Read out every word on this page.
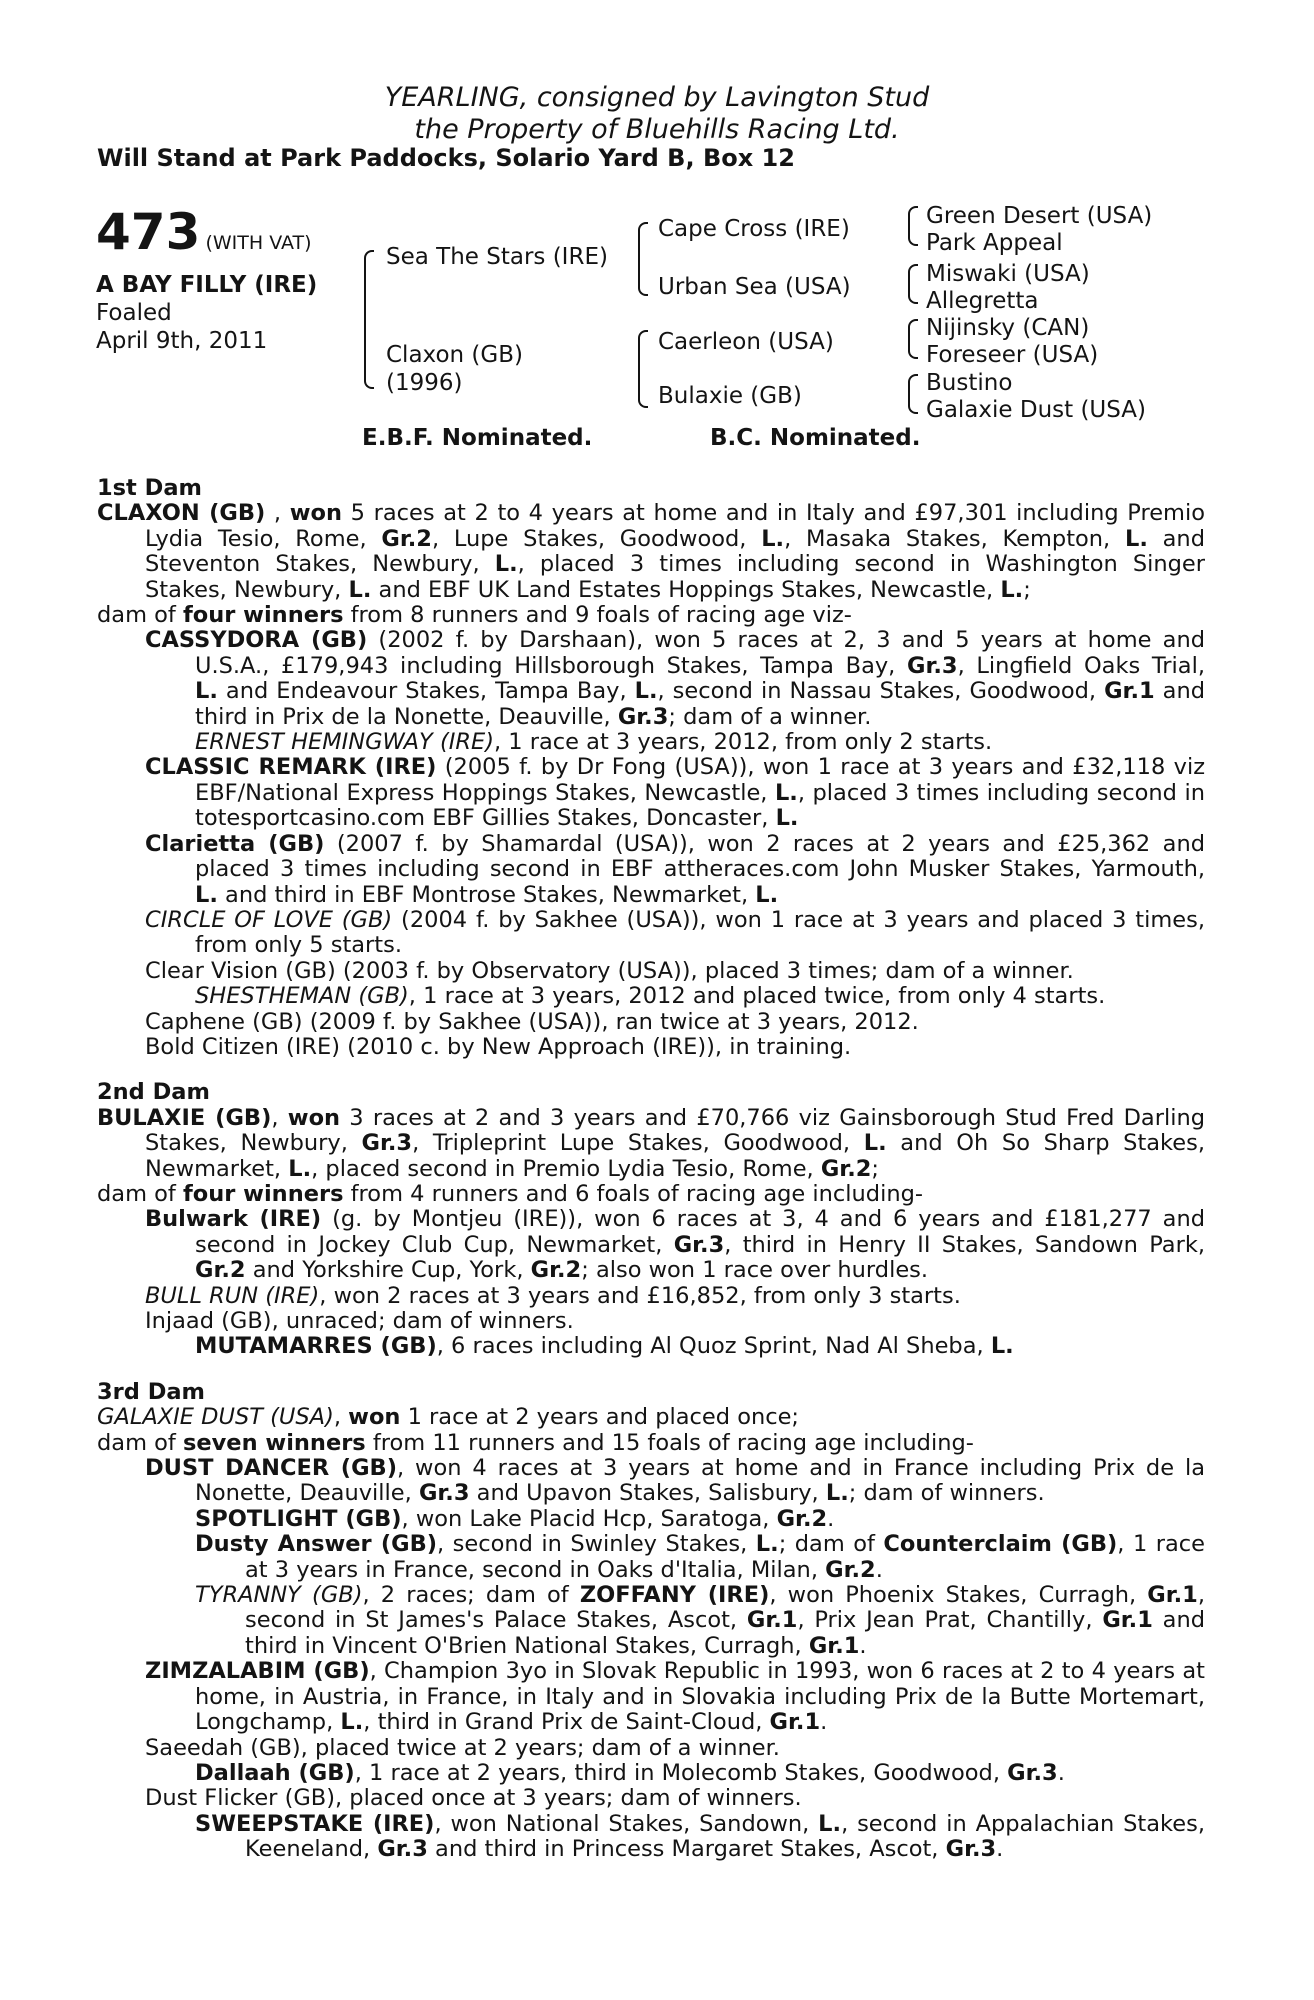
YEARLING, consigned by Lavington Stud
the Property of Bluehills Racing Ltd.
Will Stand at Park Paddocks, Solario Yard B, Box 12
473 (WITH VAT)
A BAY FILLY (IRE)
Foaled
April 9th, 2011
Sea The Stars (IRE)
Claxon (GB)
(1996)
Cape Cross (IRE)
Urban Sea (USA)
Caerleon (USA)
Bulaxie (GB)
Green Desert (USA)
Park Appeal
Miswaki (USA)
Allegretta
Nijinsky (CAN)
Foreseer (USA)
Bustino
Galaxie Dust (USA)
E.B.F. Nominated.	B.C. Nominated.
1st Dam
CLAXON (GB) , won 5 races at 2 to 4 years at home and in Italy and £97,301 including Premio Lydia Tesio, Rome, Gr.2, Lupe Stakes, Goodwood, L., Masaka Stakes, Kempton, L. and Steventon Stakes, Newbury, L., placed 3 times including second in Washington Singer Stakes, Newbury, L. and EBF UK Land Estates Hoppings Stakes, Newcastle, L.;
dam of four winners from 8 runners and 9 foals of racing age viz-
CASSYDORA (GB) (2002 f. by Darshaan), won 5 races at 2, 3 and 5 years at home and U.S.A., £179,943 including Hillsborough Stakes, Tampa Bay, Gr.3, Lingfield Oaks Trial, L. and Endeavour Stakes, Tampa Bay, L., second in Nassau Stakes, Goodwood, Gr.1 and third in Prix de la Nonette, Deauville, Gr.3; dam of a winner.
ERNEST HEMINGWAY (IRE), 1 race at 3 years, 2012, from only 2 starts.
CLASSIC REMARK (IRE) (2005 f. by Dr Fong (USA)), won 1 race at 3 years and £32,118 viz EBF/National Express Hoppings Stakes, Newcastle, L., placed 3 times including second in totesportcasino.com EBF Gillies Stakes, Doncaster, L.
Clarietta (GB) (2007 f. by Shamardal (USA)), won 2 races at 2 years and £25,362 and placed 3 times including second in EBF attheraces.com John Musker Stakes, Yarmouth, L. and third in EBF Montrose Stakes, Newmarket, L.
CIRCLE OF LOVE (GB) (2004 f. by Sakhee (USA)), won 1 race at 3 years and placed 3 times, from only 5 starts.
Clear Vision (GB) (2003 f. by Observatory (USA)), placed 3 times; dam of a winner.
SHESTHEMAN (GB), 1 race at 3 years, 2012 and placed twice, from only 4 starts.
Caphene (GB) (2009 f. by Sakhee (USA)), ran twice at 3 years, 2012.
Bold Citizen (IRE) (2010 c. by New Approach (IRE)), in training.
2nd Dam
BULAXIE (GB), won 3 races at 2 and 3 years and £70,766 viz Gainsborough Stud Fred Darling Stakes, Newbury, Gr.3, Tripleprint Lupe Stakes, Goodwood, L. and Oh So Sharp Stakes, Newmarket, L., placed second in Premio Lydia Tesio, Rome, Gr.2;
dam of four winners from 4 runners and 6 foals of racing age including-
Bulwark (IRE) (g. by Montjeu (IRE)), won 6 races at 3, 4 and 6 years and £181,277 and second in Jockey Club Cup, Newmarket, Gr.3, third in Henry II Stakes, Sandown Park, Gr.2 and Yorkshire Cup, York, Gr.2; also won 1 race over hurdles.
BULL RUN (IRE), won 2 races at 3 years and £16,852, from only 3 starts.
Injaad (GB), unraced; dam of winners.
MUTAMARRES (GB), 6 races including Al Quoz Sprint, Nad Al Sheba, L.
3rd Dam
GALAXIE DUST (USA), won 1 race at 2 years and placed once;
dam of seven winners from 11 runners and 15 foals of racing age including-
DUST DANCER (GB), won 4 races at 3 years at home and in France including Prix de la Nonette, Deauville, Gr.3 and Upavon Stakes, Salisbury, L.; dam of winners.
SPOTLIGHT (GB), won Lake Placid Hcp, Saratoga, Gr.2.
Dusty Answer (GB), second in Swinley Stakes, L.; dam of Counterclaim (GB), 1 race at 3 years in France, second in Oaks d'Italia, Milan, Gr.2.
TYRANNY (GB), 2 races; dam of ZOFFANY (IRE), won Phoenix Stakes, Curragh, Gr.1, second in St James's Palace Stakes, Ascot, Gr.1, Prix Jean Prat, Chantilly, Gr.1 and third in Vincent O'Brien National Stakes, Curragh, Gr.1.
ZIMZALABIM (GB), Champion 3yo in Slovak Republic in 1993, won 6 races at 2 to 4 years at home, in Austria, in France, in Italy and in Slovakia including Prix de la Butte Mortemart, Longchamp, L., third in Grand Prix de Saint-Cloud, Gr.1.
Saeedah (GB), placed twice at 2 years; dam of a winner.
Dallaah (GB), 1 race at 2 years, third in Molecomb Stakes, Goodwood, Gr.3.
Dust Flicker (GB), placed once at 3 years; dam of winners.
SWEEPSTAKE (IRE), won National Stakes, Sandown, L., second in Appalachian Stakes, Keeneland, Gr.3 and third in Princess Margaret Stakes, Ascot, Gr.3.
